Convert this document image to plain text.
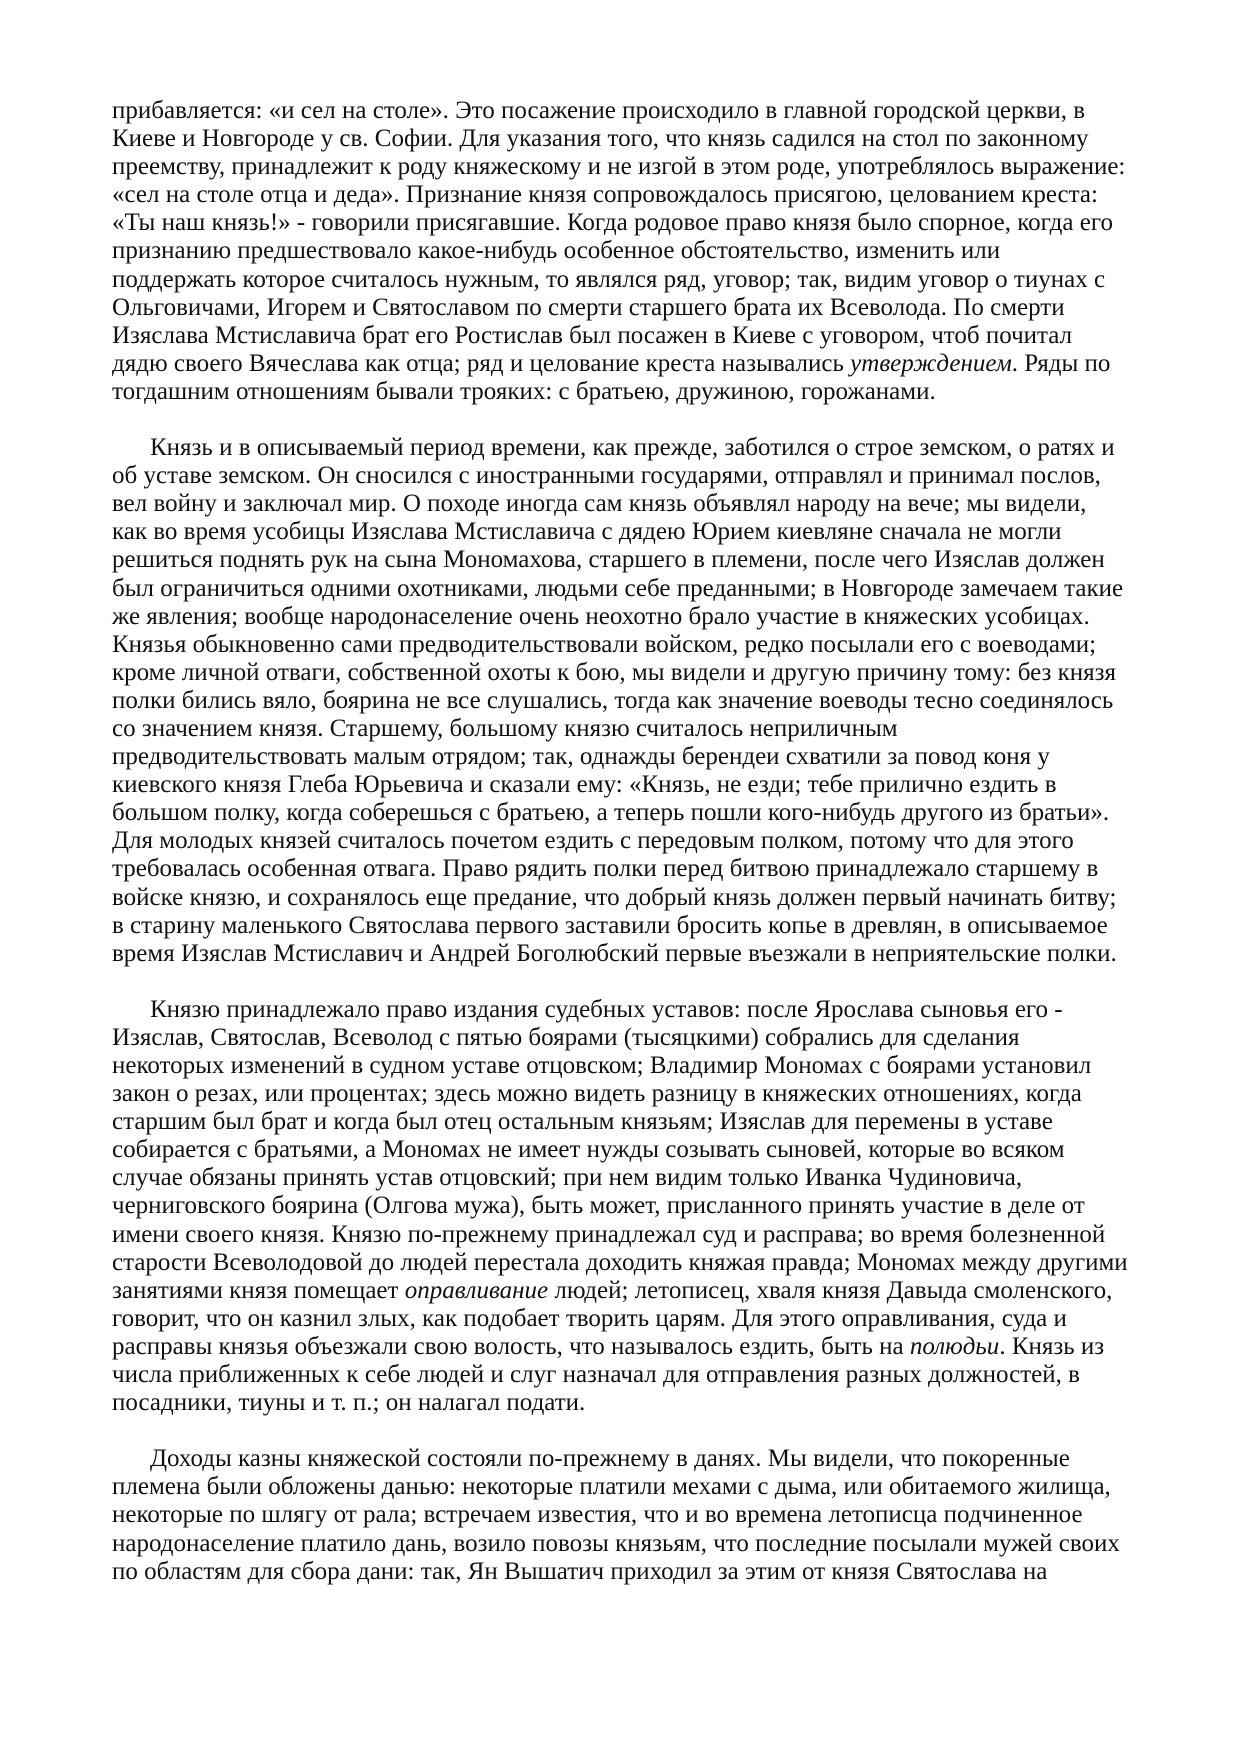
прибавляется: «и сел на столе». Это посажение происходило в главной городской церкви, в
Киеве и Новгороде у св. Софии. Для указания того, что князь садился на стол по законному
преемству, принадлежит к роду княжескому и не изгой в этом роде, употреблялось выражение:
«сел на столе отца и деда». Признание князя сопровождалось присягою, целованием креста:
«Ты наш князь!» - говорили присягавшие. Когда родовое право князя было спорное, когда его
признанию предшествовало какое-нибудь особенное обстоятельство, изменить или
поддержать которое считалось нужным, то являлся ряд, уговор; так, видим уговор о тиунах с
Ольговичами, Игорем и Святославом по смерти старшего брата их Всеволода. По смерти
Изяслава Мстиславича брат его Ростислав был посажен в Киеве с уговором, чтоб почитал
дядю своего Вячеслава как отца; ряд и целование креста назывались утверждением. Ряды по
тогдашним отношениям бывали трояких: с братьею, дружиною, горожанами.
Князь и в описываемый период времени, как прежде, заботился о строе земском, о ратях и
об уставе земском. Он сносился с иностранными государями, отправлял и принимал послов,
вел войну и заключал мир. О походе иногда сам князь объявлял народу на вече; мы видели,
как во время усобицы Изяслава Мстиславича с дядею Юрием киевляне сначала не могли
решиться поднять рук на сына Мономахова, старшего в племени, после чего Изяслав должен
был ограничиться одними охотниками, людьми себе преданными; в Новгороде замечаем такие
же явления; вообще народонаселение очень неохотно брало участие в княжеских усобицах.
Князья обыкновенно сами предводительствовали войском, редко посылали его с воеводами;
кроме личной отваги, собственной охоты к бою, мы видели и другую причину тому: без князя
полки бились вяло, боярина не все слушались, тогда как значение воеводы тесно соединялось
со значением князя. Старшему, большому князю считалось неприличным
предводительствовать малым отрядом; так, однажды берендеи схватили за повод коня у
киевского князя Глеба Юрьевича и сказали ему: «Князь, не езди; тебе прилично ездить в
большом полку, когда соберешься с братьею, а теперь пошли кого-нибудь другого из братьи».
Для молодых князей считалось почетом ездить с передовым полком, потому что для этого
требовалась особенная отвага. Право рядить полки перед битвою принадлежало старшему в
войске князю, и сохранялось еще предание, что добрый князь должен первый начинать битву;
в старину маленького Святослава первого заставили бросить копье в древлян, в описываемое
время Изяслав Мстиславич и Андрей Боголюбский первые въезжали в неприятельские полки.
Князю принадлежало право издания судебных уставов: после Ярослава сыновья его -
Изяслав, Святослав, Всеволод с пятью боярами (тысяцкими) собрались для сделания
некоторых изменений в судном уставе отцовском; Владимир Мономах с боярами установил
закон о резах, или процентах; здесь можно видеть разницу в княжеских отношениях, когда
старшим был брат и когда был отец остальным князьям; Изяслав для перемены в уставе
собирается с братьями, а Мономах не имеет нужды созывать сыновей, которые во всяком
случае обязаны принять устав отцовский; при нем видим только Иванка Чудиновича,
черниговского боярина (Олгова мужа), быть может, присланного принять участие в деле от
имени своего князя. Князю по-прежнему принадлежал суд и расправа; во время болезненной
старости Всеволодовой до людей перестала доходить княжая правда; Мономах между другими
занятиями князя помещает оправливание людей; летописец, хваля князя Давыда смоленского,
говорит, что он казнил злых, как подобает творить царям. Для этого оправливания, суда и
расправы князья объезжали свою волость, что называлось ездить, быть на полюдьи. Князь из
числа приближенных к себе людей и слуг назначал для отправления разных должностей, в
посадники, тиуны и т. п.; он налагал подати.
Доходы казны княжеской состояли по-прежнему в данях. Мы видели, что покоренные
племена были обложены данью: некоторые платили мехами с дыма, или обитаемого жилища,
некоторые по шлягу от рала; встречаем известия, что и во времена летописца подчиненное
народонаселение платило дань, возило повозы князьям, что последние посылали мужей своих
по областям для сбора дани: так, Ян Вышатич приходил за этим от князя Святослава на
